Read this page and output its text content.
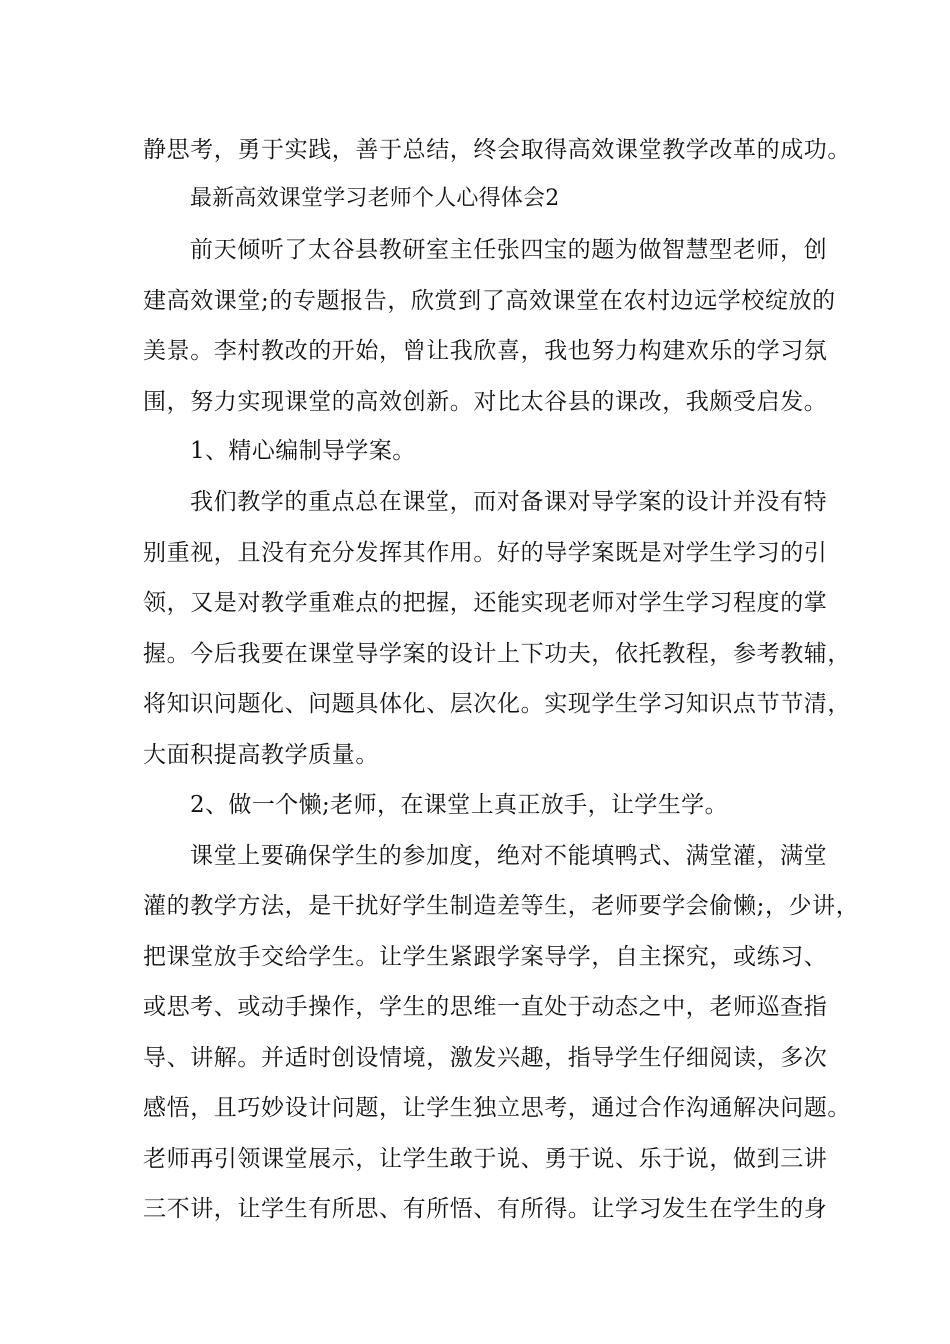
静思考，勇于实践，善于总结，终会取得高效课堂教学改革的成功。

最新高效课堂学习老师个人心得体会2

前天倾听了太谷县教研室主任张四宝的题为做智慧型老师，创

建高效课堂;的专题报告，欣赏到了高效课堂在农村边远学校绽放的

美景。李村教改的开始，曾让我欣喜，我也努力构建欢乐的学习氛

围，努力实现课堂的高效创新。对比太谷县的课改，我颇受启发。

1、精心编制导学案。

我们教学的重点总在课堂，而对备课对导学案的设计并没有特

别重视，且没有充分发挥其作用。好的导学案既是对学生学习的引

领，又是对教学重难点的把握，还能实现老师对学生学习程度的掌

握。今后我要在课堂导学案的设计上下功夫，依托教程，参考教辅，

将知识问题化、问题具体化、层次化。实现学生学习知识点节节清，

大面积提高教学质量。

2、做一个懒;老师，在课堂上真正放手，让学生学。

课堂上要确保学生的参加度，绝对不能填鸭式、满堂灌，满堂

灌的教学方法，是干扰好学生制造差等生，老师要学会偷懒;，少讲，

把课堂放手交给学生。让学生紧跟学案导学，自主探究，或练习、

或思考、或动手操作，学生的思维一直处于动态之中，老师巡查指

导、讲解。并适时创设情境，激发兴趣，指导学生仔细阅读，多次

感悟，且巧妙设计问题，让学生独立思考，通过合作沟通解决问题。

老师再引领课堂展示，让学生敢于说、勇于说、乐于说，做到三讲

三不讲，让学生有所思、有所悟、有所得。让学习发生在学生的身
